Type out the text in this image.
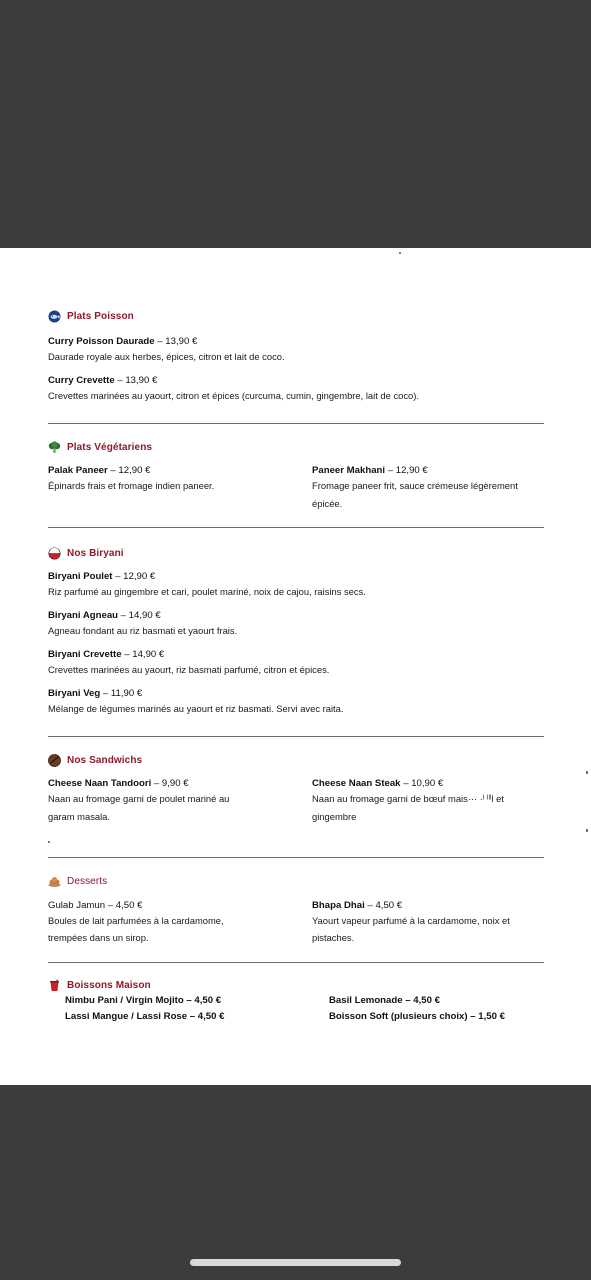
Plats Poisson
Curry Poisson Daurade – 13,90 €
Daurade royale aux herbes, épices, citron et lait de coco.
Curry Crevette – 13,90 €
Crevettes marinées au yaourt, citron et épices (curcuma, cumin, gingembre, lait de coco).
Plats Végétariens
Palak Paneer – 12,90 €
Épinards frais et fromage indien paneer.
Paneer Makhani – 12,90 €
Fromage paneer frit, sauce crémeuse légèrement
épicée.
Nos Biryani
Biryani Poulet – 12,90 €
Riz parfumé au gingembre et cari, poulet mariné, noix de cajou, raisins secs.
Biryani Agneau – 14,90 €
Agneau fondant au riz basmati et yaourt frais.
Biryani Crevette – 14,90 €
Crevettes marinées au yaourt, riz basmati parfumé, citron et épices.
Biryani Veg – 11,90 €
Mélange de légumes marinés au yaourt et riz basmati. Servi avec raita.
Nos Sandwichs
Cheese Naan Tandoori – 9,90 €
Naan au fromage garni de poulet mariné au
garam masala.
Cheese Naan Steak – 10,90 €
Naan au fromage garni de bœuf mais··· ·ˡ ˡˡˡl et
gingembre
Desserts
Gulab Jamun – 4,50 €
Boules de lait parfumées à la cardamome,
trempées dans un sirop.
Bhapa Dhai – 4,50 €
Yaourt vapeur parfumé à la cardamome, noix et
pistaches.
Boissons Maison
Nimbu Pani / Virgin Mojito – 4,50 €
Lassi Mangue / Lassi Rose – 4,50 €
Basil Lemonade – 4,50 €
Boisson Soft (plusieurs choix) – 1,50 €
